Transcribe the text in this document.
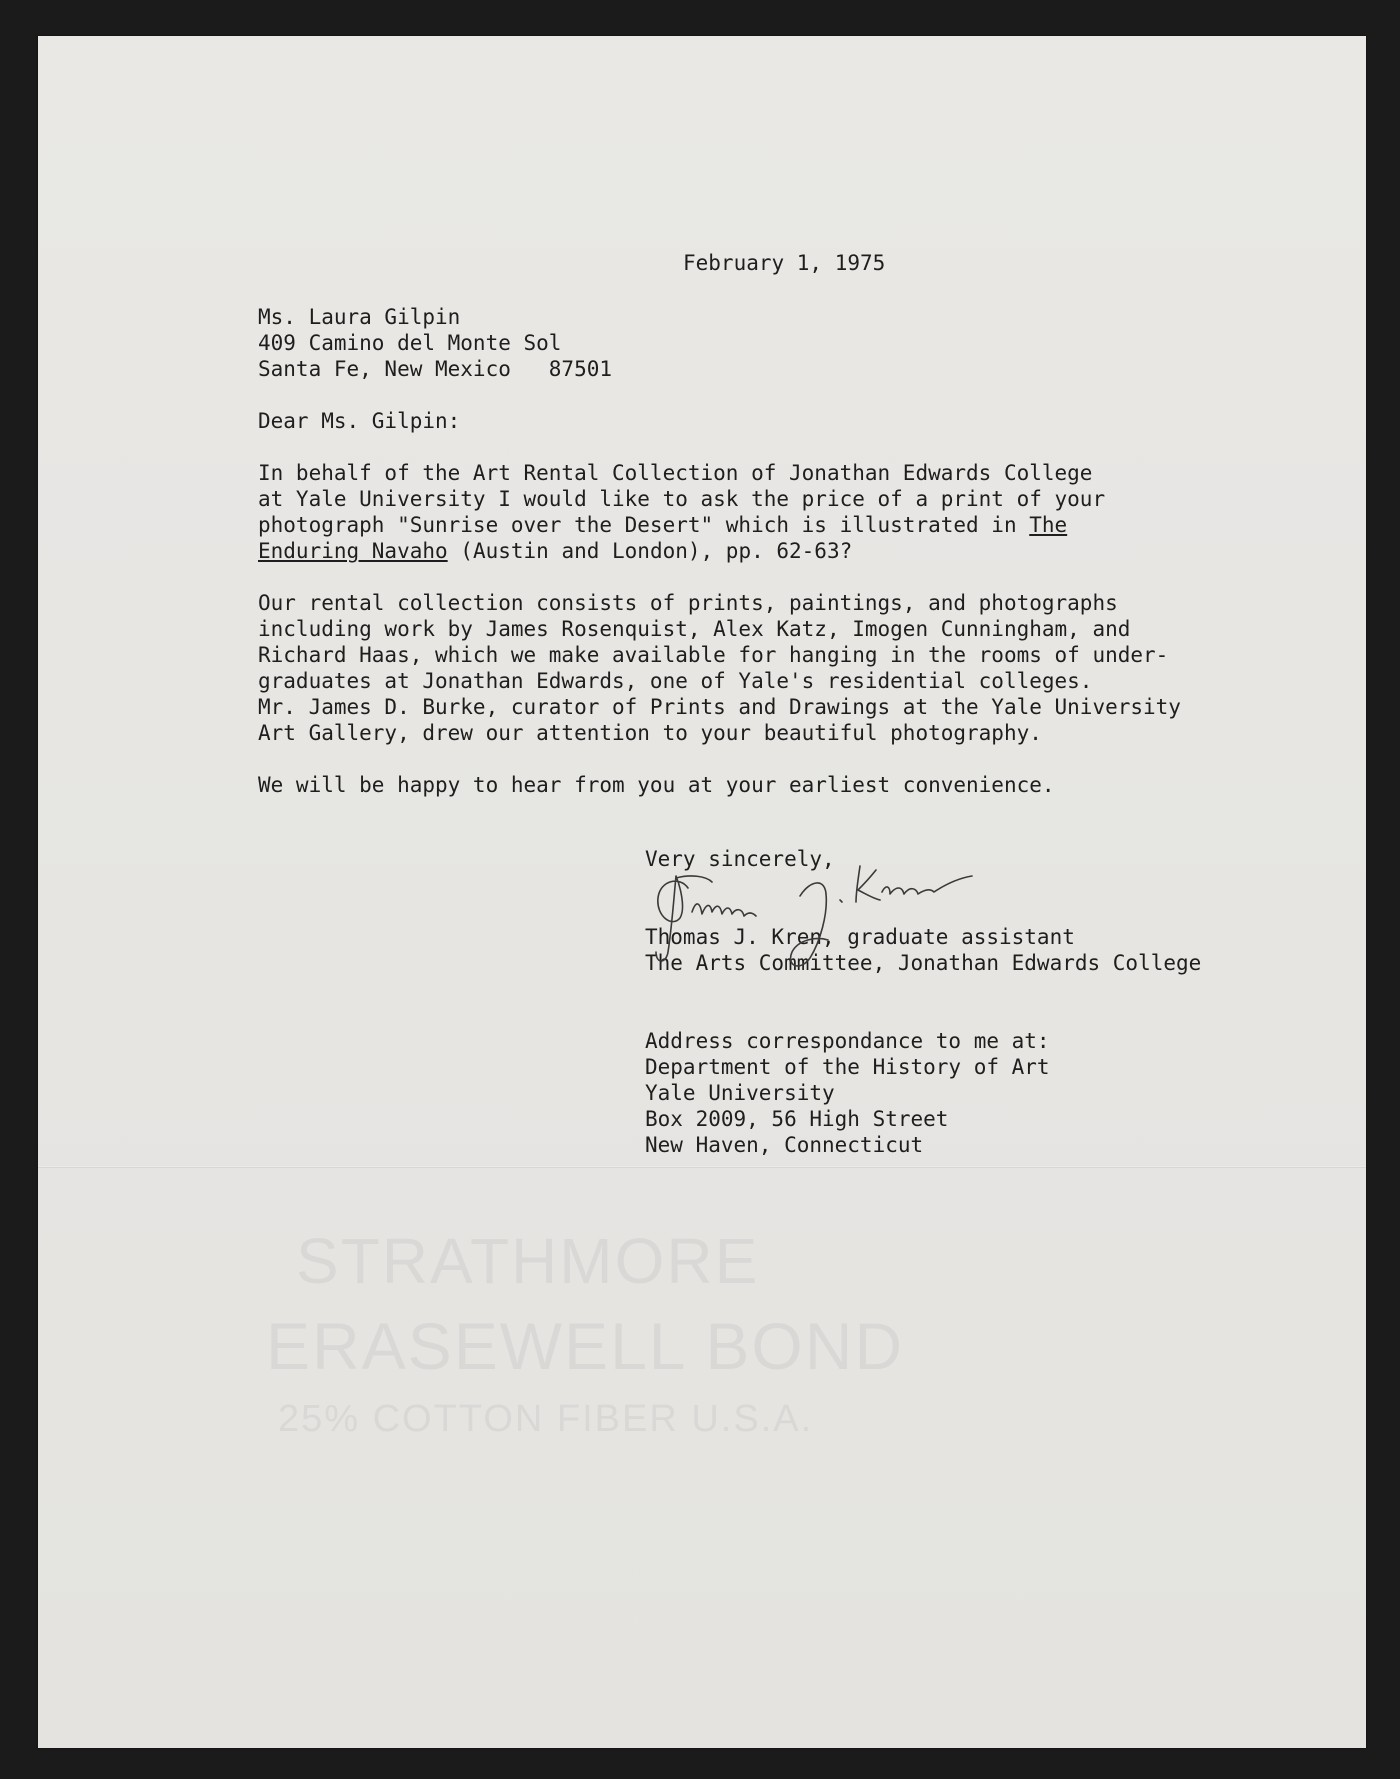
STRATHMORE
ERASEWELL BOND
25% COTTON FIBER U.S.A.
February 1, 1975
Ms. Laura Gilpin
409 Camino del Monte Sol
Santa Fe, New Mexico   87501
Dear Ms. Gilpin:
In behalf of the Art Rental Collection of Jonathan Edwards College
at Yale University I would like to ask the price of a print of your
photograph "Sunrise over the Desert" which is illustrated in The
Enduring Navaho (Austin and London), pp. 62-63?
Our rental collection consists of prints, paintings, and photographs
including work by James Rosenquist, Alex Katz, Imogen Cunningham, and
Richard Haas, which we make available for hanging in the rooms of under-
graduates at Jonathan Edwards, one of Yale's residential colleges.
Mr. James D. Burke, curator of Prints and Drawings at the Yale University
Art Gallery, drew our attention to your beautiful photography.
We will be happy to hear from you at your earliest convenience.
Very sincerely,
Thomas J. Kren, graduate assistant
The Arts Committee, Jonathan Edwards College
Address correspondance to me at:
Department of the History of Art
Yale University
Box 2009, 56 High Street
New Haven, Connecticut
